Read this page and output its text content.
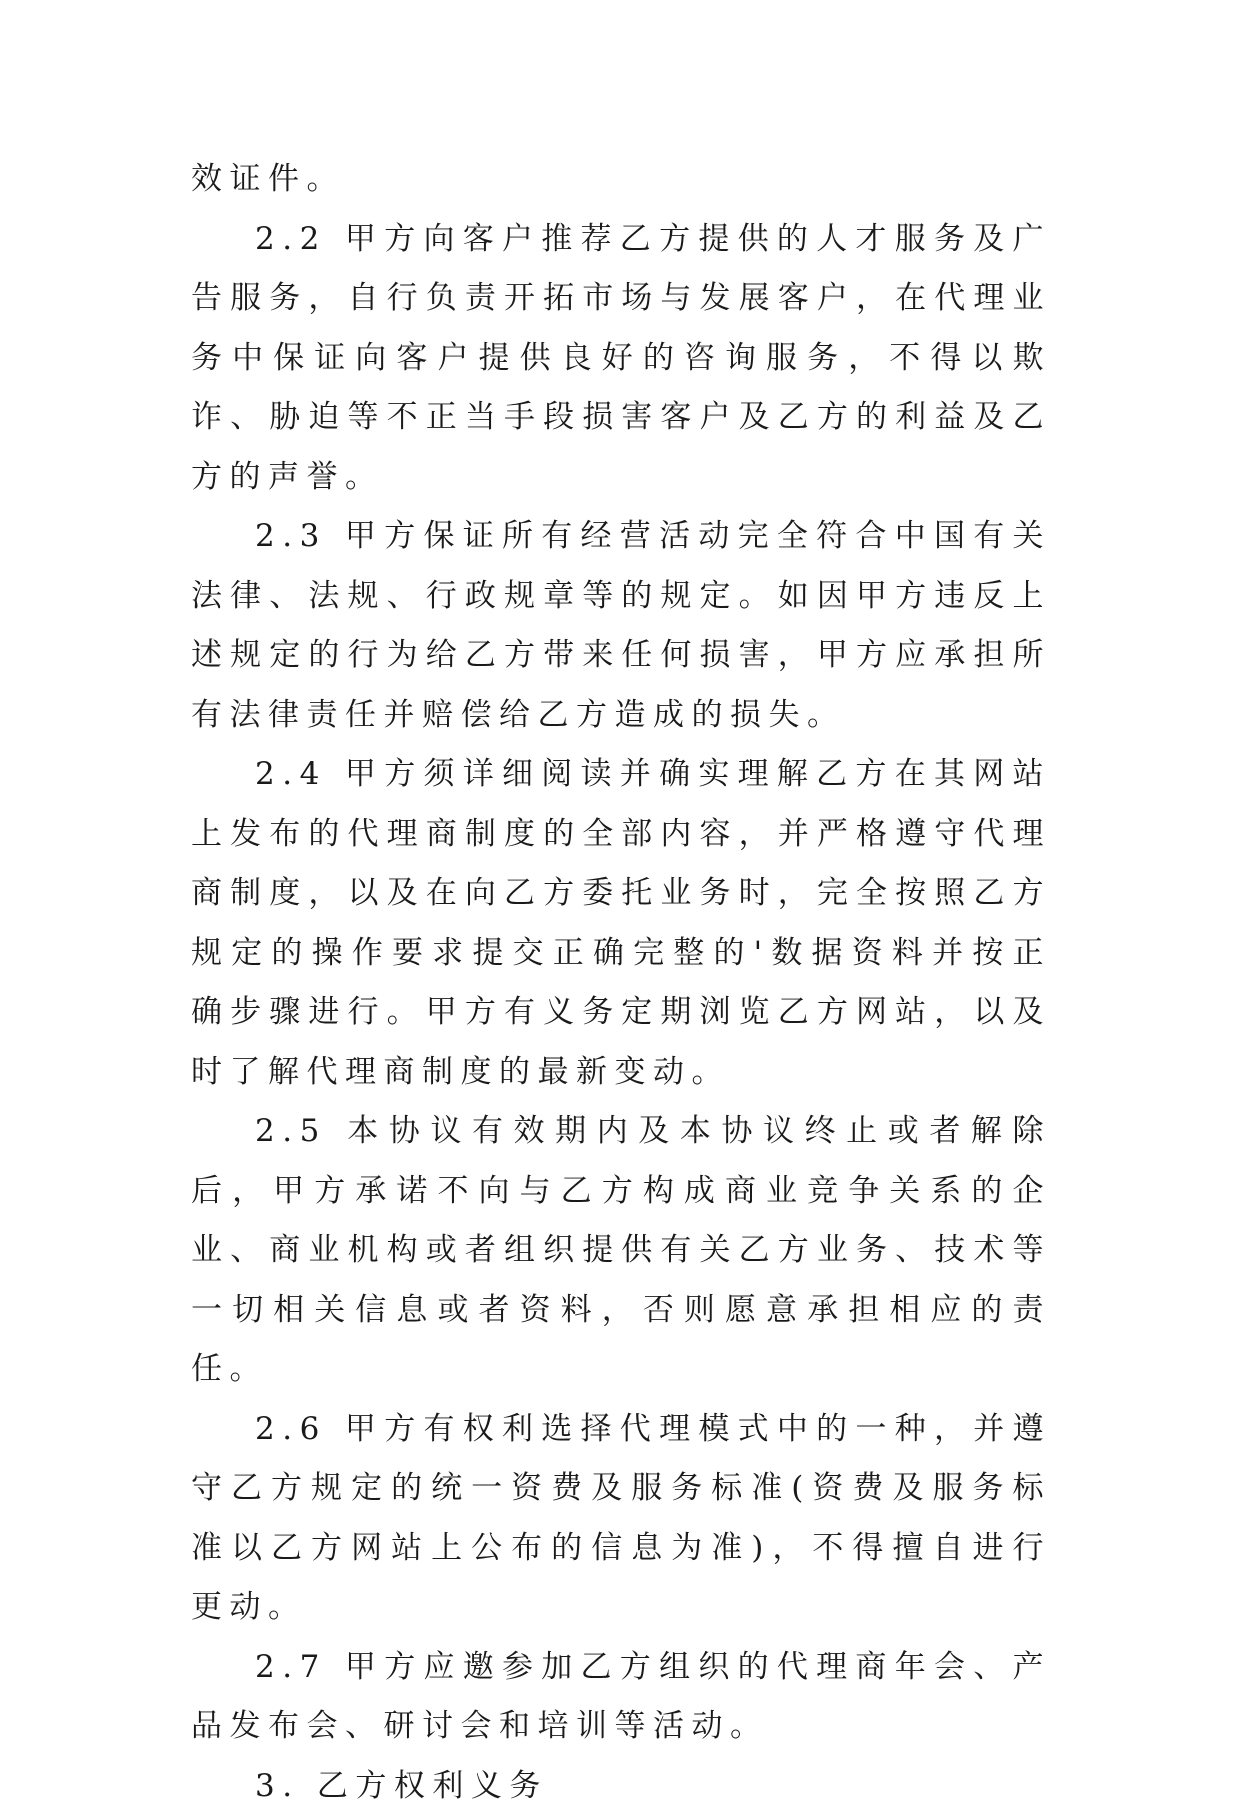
效证件。

2.2 甲方向客户推荐乙方提供的人才服务及广告服务，自行负责开拓市场与发展客户，在代理业务中保证向客户提供良好的咨询服务，不得以欺诈、胁迫等不正当手段损害客户及乙方的利益及乙方的声誉。

2.3 甲方保证所有经营活动完全符合中国有关法律、法规、行政规章等的规定。如因甲方违反上述规定的行为给乙方带来任何损害，甲方应承担所有法律责任并赔偿给乙方造成的损失。

2.4 甲方须详细阅读并确实理解乙方在其网站上发布的代理商制度的全部内容，并严格遵守代理商制度，以及在向乙方委托业务时，完全按照乙方规定的操作要求提交正确完整的'数据资料并按正确步骤进行。甲方有义务定期浏览乙方网站，以及时了解代理商制度的最新变动。

2.5 本协议有效期内及本协议终止或者解除后，甲方承诺不向与乙方构成商业竞争关系的企业、商业机构或者组织提供有关乙方业务、技术等一切相关信息或者资料，否则愿意承担相应的责任。

2.6 甲方有权利选择代理模式中的一种，并遵守乙方规定的统一资费及服务标准(资费及服务标准以乙方网站上公布的信息为准)，不得擅自进行更动。

2.7 甲方应邀参加乙方组织的代理商年会、产品发布会、研讨会和培训等活动。

3. 乙方权利义务
